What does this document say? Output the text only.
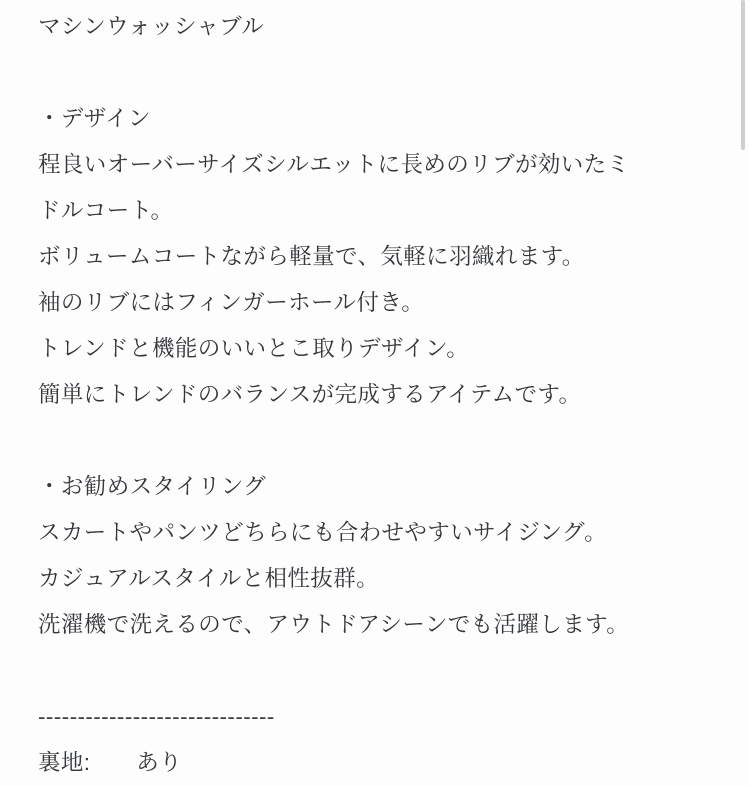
マシンウォッシャブル
・デザイン
程良いオーバーサイズシルエットに長めのリブが効いたミ
ドルコート。
ボリュームコートながら軽量で、気軽に羽織れます。
袖のリブにはフィンガーホール付き。
トレンドと機能のいいとこ取りデザイン。
簡単にトレンドのバランスが完成するアイテムです。
・お勧めスタイリング
スカートやパンツどちらにも合わせやすいサイジング。
カジュアルスタイルと相性抜群。
洗濯機で洗えるので、アウトドアシーンでも活躍します。
------------------------------
裏地:　　あり
